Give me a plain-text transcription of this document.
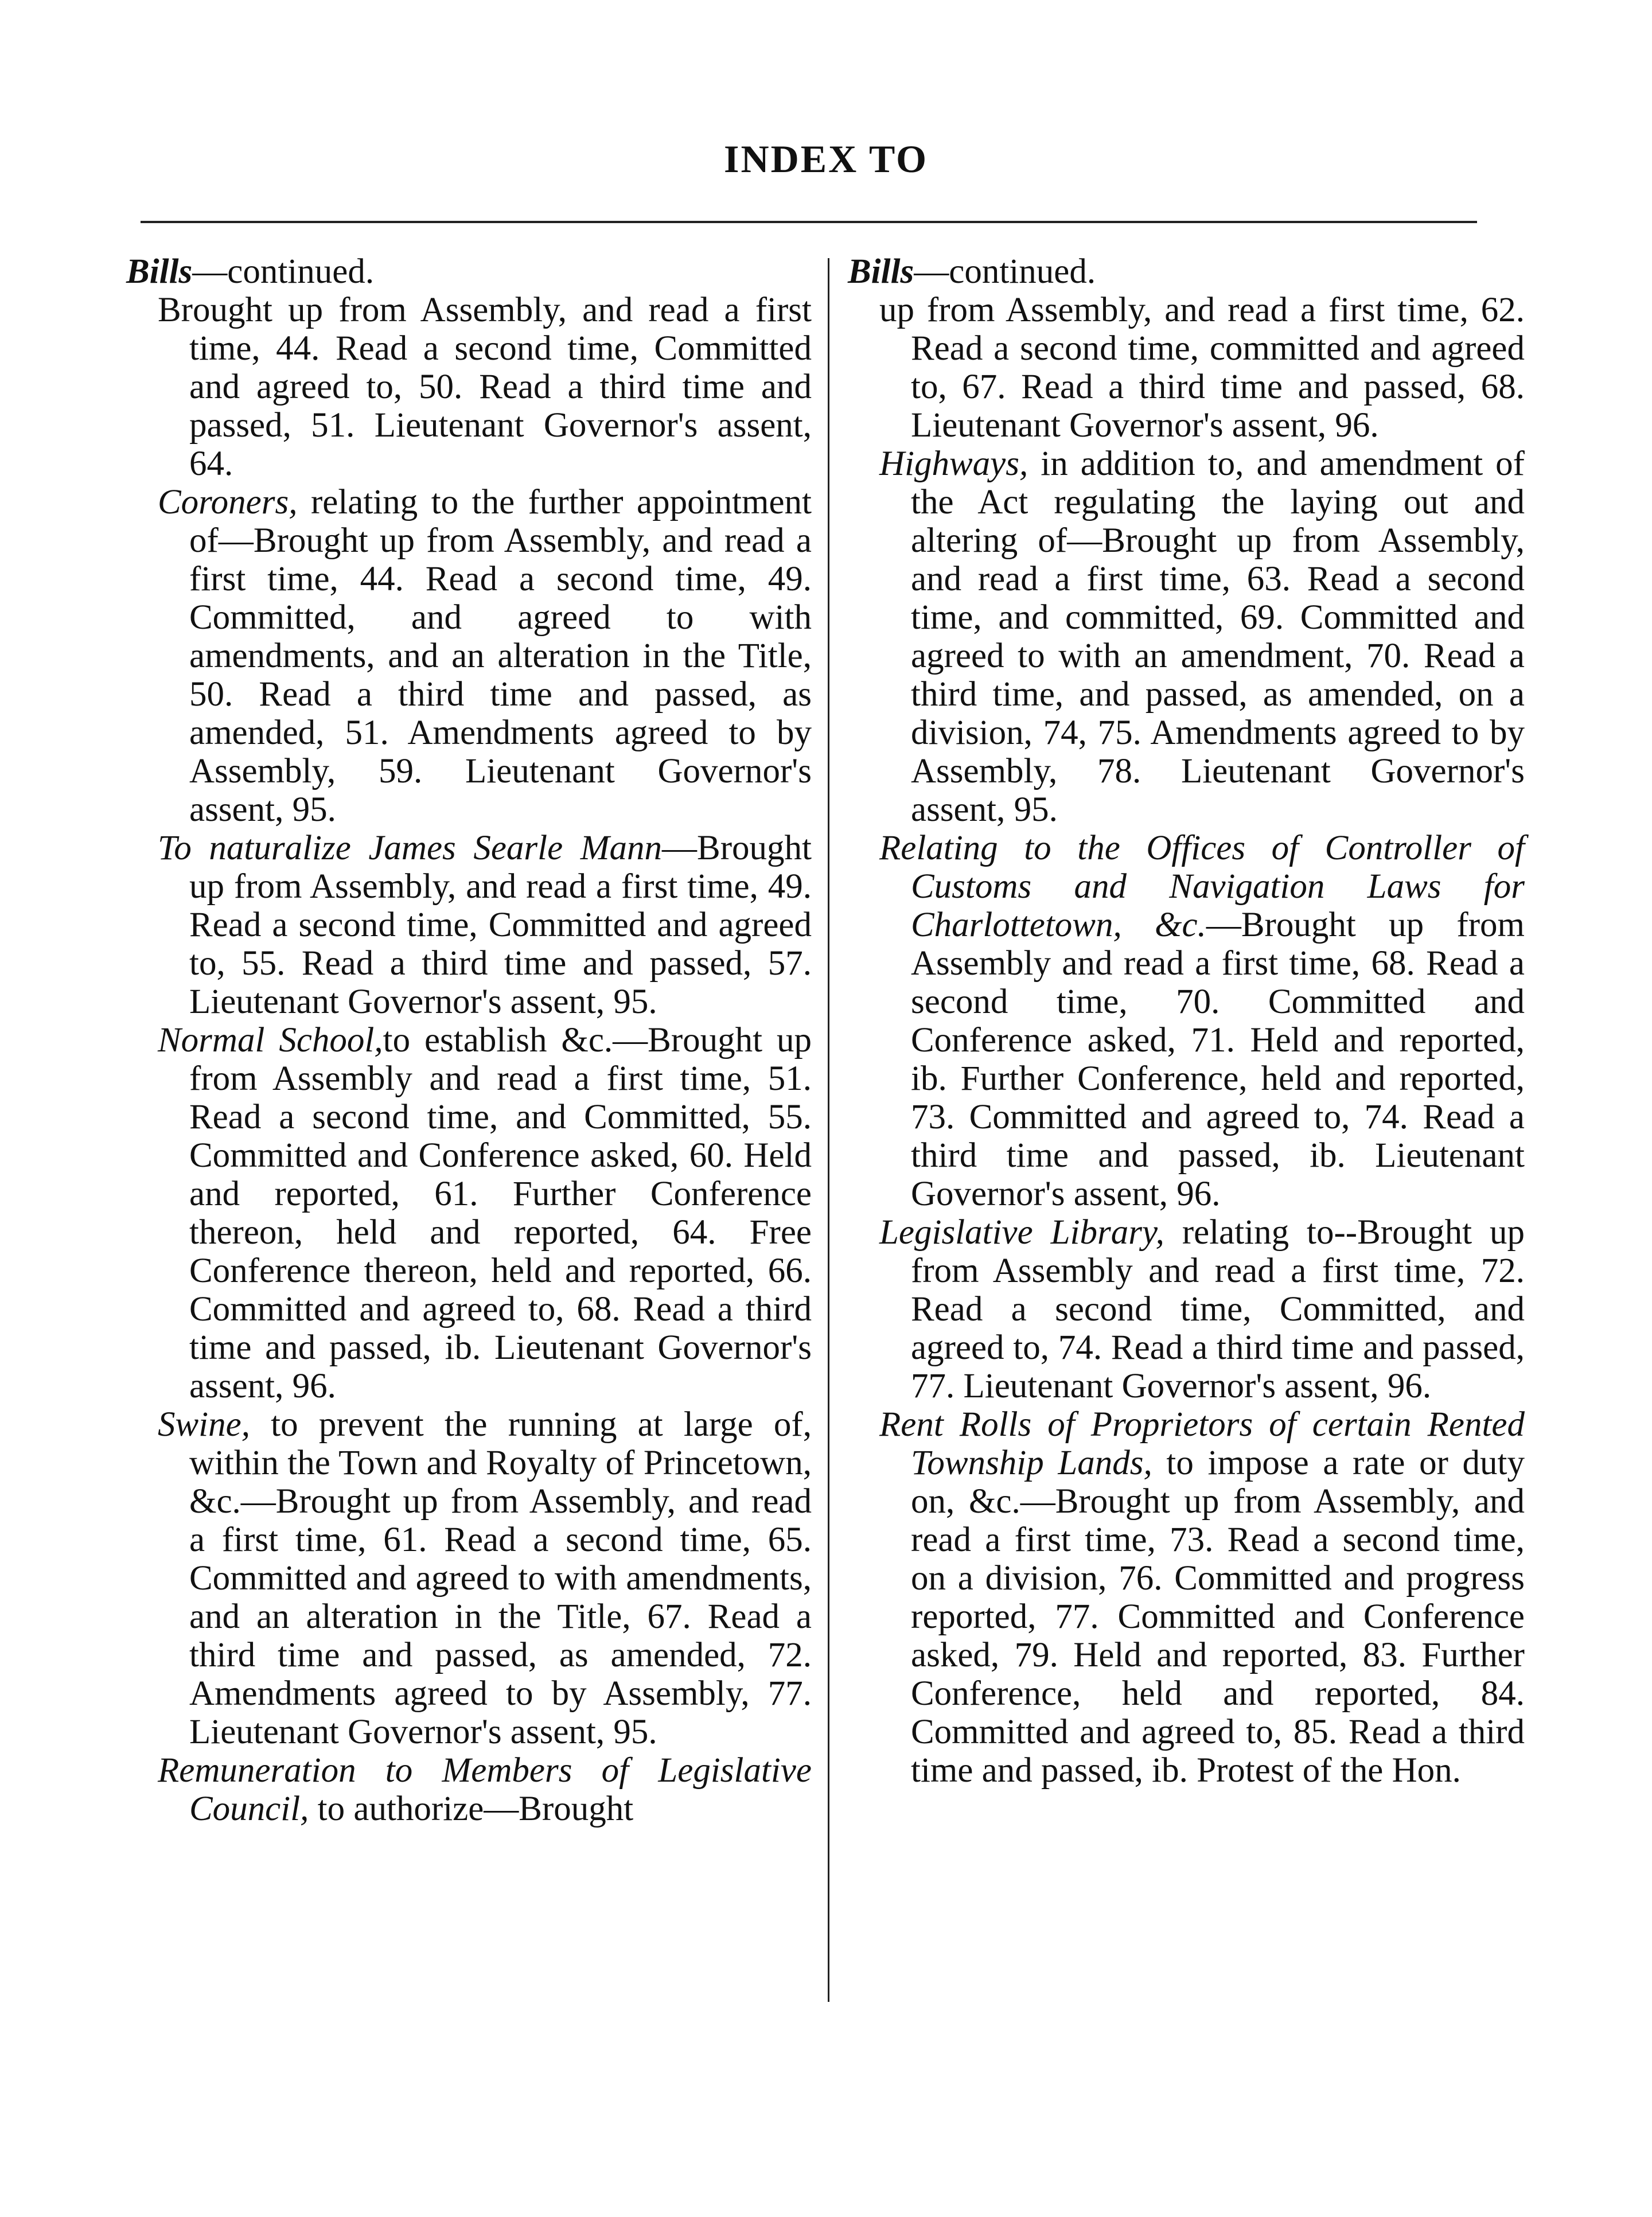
INDEX TO

Bills—continued.

Brought up from Assembly, and read a first time, 44. Read a second time, Committed and agreed to, 50. Read a third time and passed, 51. Lieutenant Governor's assent, 64.

Coroners, relating to the further appointment of—Brought up from Assembly, and read a first time, 44. Read a second time, 49. Committed, and agreed to with amendments, and an alteration in the Title, 50. Read a third time and passed, as amended, 51. Amendments agreed to by Assembly, 59. Lieutenant Governor's assent, 95.

To naturalize James Searle Mann—Brought up from Assembly, and read a first time, 49. Read a second time, Committed and agreed to, 55. Read a third time and passed, 57. Lieutenant Governor's assent, 95.

Normal School,to establish &c.—Brought up from Assembly and read a first time, 51. Read a second time, and Committed, 55. Committed and Conference asked, 60. Held and reported, 61. Further Conference thereon, held and reported, 64. Free Conference thereon, held and reported, 66. Committed and agreed to, 68. Read a third time and passed, ib. Lieutenant Governor's assent, 96.

Swine, to prevent the running at large of, within the Town and Royalty of Princetown, &c.—Brought up from Assembly, and read a first time, 61. Read a second time, 65. Committed and agreed to with amendments, and an alteration in the Title, 67. Read a third time and passed, as amended, 72. Amendments agreed to by Assembly, 77. Lieutenant Governor's assent, 95.

Remuneration to Members of Legislative Council, to authorize—Brought

Bills—continued.

up from Assembly, and read a first time, 62. Read a second time, committed and agreed to, 67. Read a third time and passed, 68. Lieutenant Governor's assent, 96.

Highways, in addition to, and amendment of the Act regulating the laying out and altering of—Brought up from Assembly, and read a first time, 63. Read a second time, and committed, 69. Committed and agreed to with an amendment, 70. Read a third time, and passed, as amended, on a division, 74, 75. Amendments agreed to by Assembly, 78. Lieutenant Governor's assent, 95.

Relating to the Offices of Controller of Customs and Navigation Laws for Charlottetown, &c.—Brought up from Assembly and read a first time, 68. Read a second time, 70. Committed and Conference asked, 71. Held and reported, ib. Further Conference, held and reported, 73. Committed and agreed to, 74. Read a third time and passed, ib. Lieutenant Governor's assent, 96.

Legislative Library, relating to--Brought up from Assembly and read a first time, 72. Read a second time, Committed, and agreed to, 74. Read a third time and passed, 77. Lieutenant Governor's assent, 96.

Rent Rolls of Proprietors of certain Rented Township Lands, to impose a rate or duty on, &c.—Brought up from Assembly, and read a first time, 73. Read a second time, on a division, 76. Committed and progress reported, 77. Committed and Conference asked, 79. Held and reported, 83. Further Conference, held and reported, 84. Committed and agreed to, 85. Read a third time and passed, ib. Protest of the Hon.
